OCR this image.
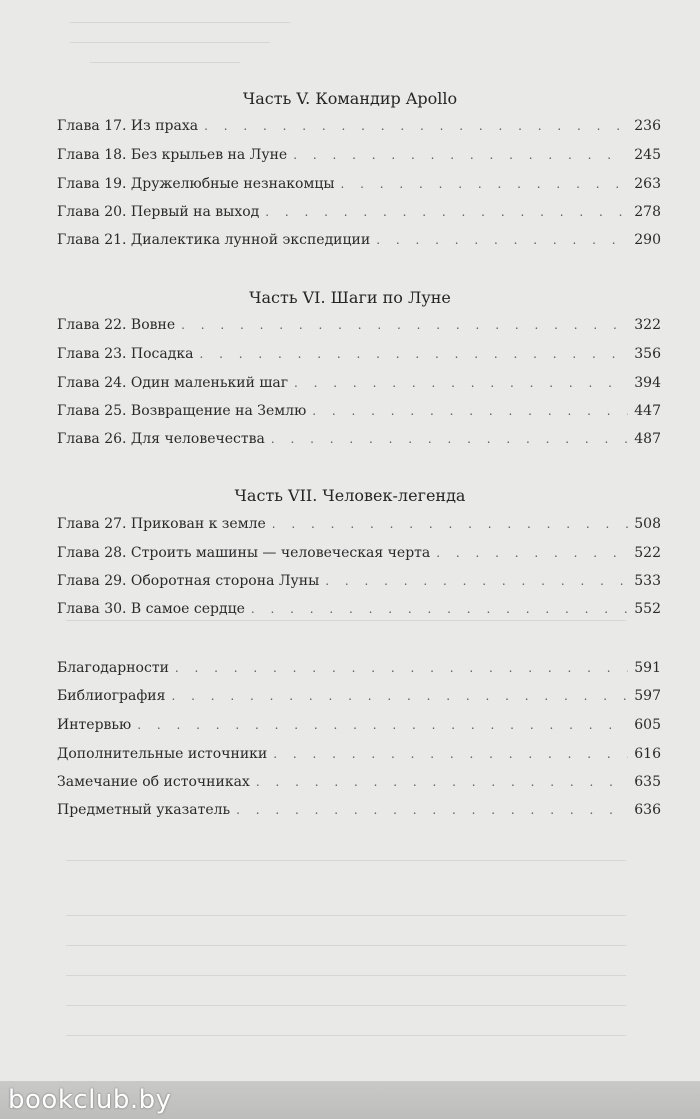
Часть V. Командир Apollo
Глава 17. Из праха . . .	236
Глава 18. Без крыльев на Луне . . .	245
Глава 19. Дружелюбные незнакомцы . . .	263
Глава 20. Первый на выход . . .	278
Глава 21. Диалектика лунной экспедиции . . .	290
Часть VI. Шаги по Луне
Глава 22. Вовне . . .	322
Глава 23. Посадка . . .	356
Глава 24. Один маленький шаг . . .	394
Глава 25. Возвращение на Землю . . .	447
Глава 26. Для человечества . . .	487
Часть VII. Человек-легенда
Глава 27. Прикован к земле . . .	508
Глава 28. Строить машины — человеческая черта . . .	522
Глава 29. Оборотная сторона Луны . . .	533
Глава 30. В самое сердце . . .	552
Благодарности . . .	591
Библиография . . .	597
Интервью . . .	605
Дополнительные источники . . .	616
Замечание об источниках . . .	635
Предметный указатель . . .	636
bookclub.by
